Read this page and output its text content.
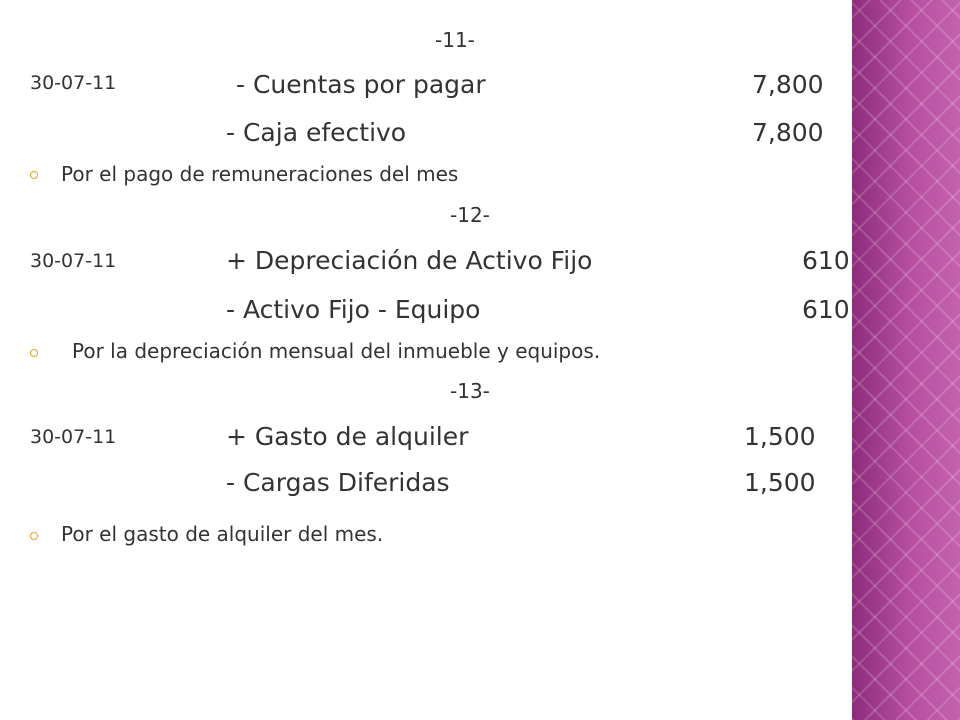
-11-
30-07-11	- Cuentas por pagar	7,800
- Caja efectivo	7,800
Por el pago de remuneraciones del mes
-12-
30-07-11	+ Depreciación de Activo Fijo	610
- Activo Fijo - Equipo	610
Por la depreciación mensual del inmueble y equipos.
-13-
30-07-11	+ Gasto de alquiler	1,500
- Cargas Diferidas	1,500
Por el gasto de alquiler del mes.
